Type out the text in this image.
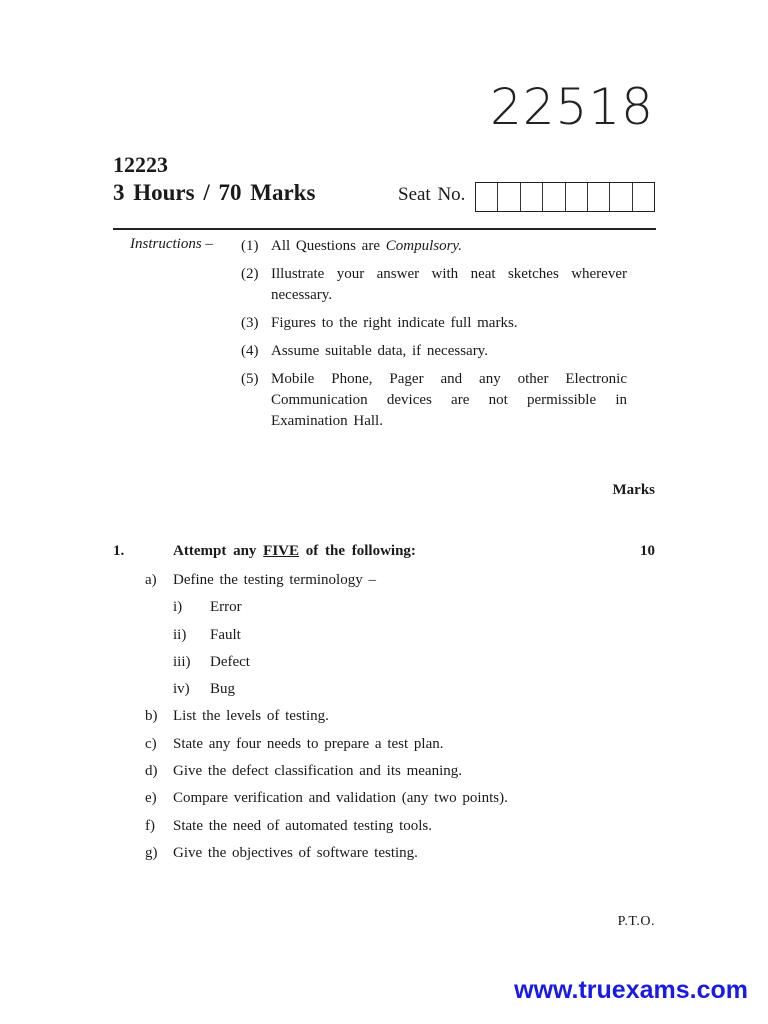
22518
12223
3 Hours / 70 Marks	Seat No.
Instructions – (1) All Questions are Compulsory.
(2) Illustrate your answer with neat sketches wherever necessary.
(3) Figures to the right indicate full marks.
(4) Assume suitable data, if necessary.
(5) Mobile Phone, Pager and any other Electronic Communication devices are not permissible in Examination Hall.
Marks
1.	Attempt any FIVE of the following:	10
a)	Define the testing terminology –
i)	Error
ii)	Fault
iii)	Defect
iv)	Bug
b)	List the levels of testing.
c)	State any four needs to prepare a test plan.
d)	Give the defect classification and its meaning.
e)	Compare verification and validation (any two points).
f)	State the need of automated testing tools.
g)	Give the objectives of software testing.
P.T.O.
www.truexams.com
